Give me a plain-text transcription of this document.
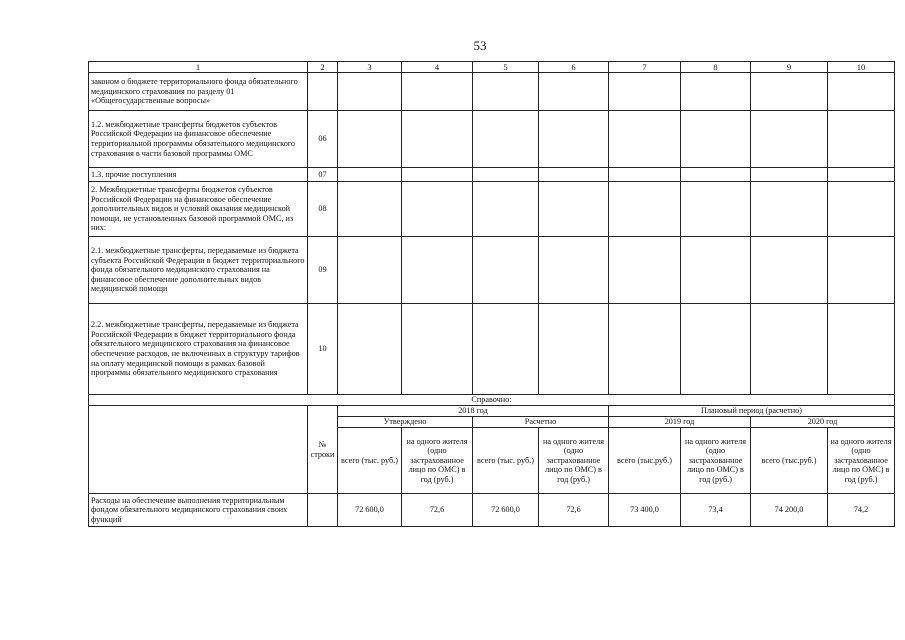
53
1	2	3	4	5	6	7	8	9	10
законом о бюджете территориального фонда обязательного медицинского страхования по разделу 01 «Общегосударственные вопросы»									
1.2. межбюджетные трансферты бюджетов субъектов Российской Федерации на финансовое обеспечение территориальной программы обязательного медицинского страхования в части базовой программы ОМС	06								
1.3. прочие поступления	07								
2. Межбюджетные трансферты бюджетов субъектов Российской Федерации на финансовое обеспечение дополнительных видов и условий оказания медицинской помощи, не установленных базовой программой ОМС, из них:	08								
2.1. межбюджетные трансферты, передаваемые из бюджета субъекта Российской Федерации в бюджет территориального фонда обязательного медицинского страхования на финансовое обеспечение дополнительных видов медицинской помощи	09								
2.2. межбюджетные трансферты, передаваемые из бюджета Российской Федерации в бюджет территориального фонда обязательного медицинского страхования на финансовое обеспечение расходов, не включенных в структуру тарифов на оплату медицинской помощи в рамках базовой программы обязательного медицинского страхования	10								
Справочно:									
	№ строки	2018 год				Плановый период (расчетно)			
		Утверждено		Расчетно		2019 год		2020 год	
		всего (тыс. руб.)	на одного жителя (одно застрахованное лицо по ОМС) в год (руб.)	всего (тыс. руб.)	на одного жителя (одно застрахованное лицо по ОМС) в год (руб.)	всего (тыс.руб.)	на одного жителя (одно застрахованное лицо по ОМС) в год (руб.)	всего (тыс.руб.)	на одного жителя (одно застрахованное лицо по ОМС) в год (руб.)
Расходы на обеспечение выполнения территориальным фондом обязательного медицинского страхования своих функций		72 600,0	72,6	72 600,0	72,6	73 400,0	73,4	74 200,0	74,2
